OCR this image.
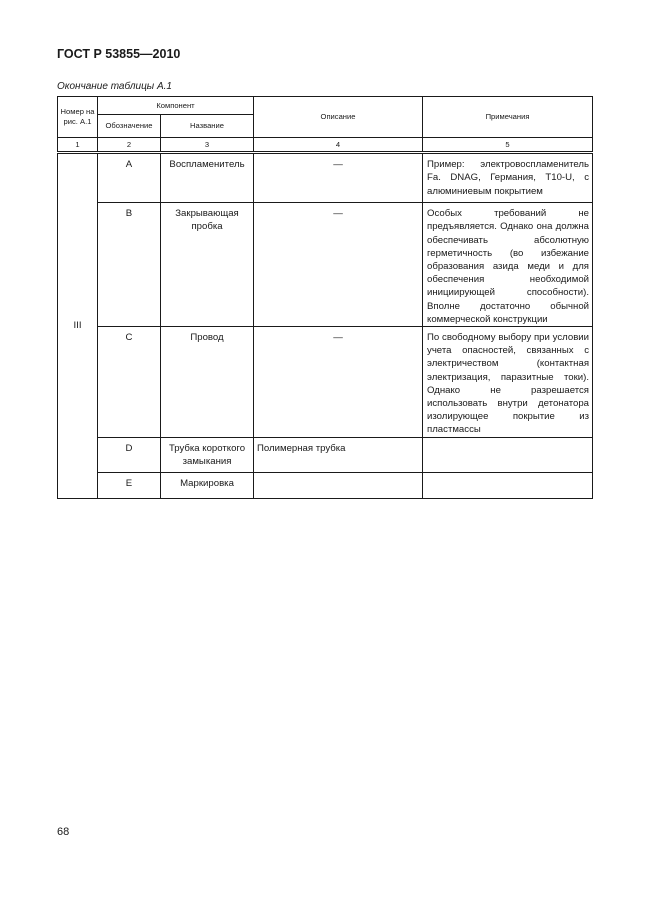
ГОСТ Р 53855—2010
Окончание таблицы А.1
Номер на рис. А.1	Компонент		Описание	Примечания
	Обозначение	Название		
1	2	3	4	5
III	A	Воспламенитель	—	Пример: электровоспламенитель Fa. DNAG, Германия, T10-U, с алюминиевым покрытием
	B	Закрывающая пробка	—	Особых требований не предъявляется. Однако она должна обеспечивать абсолютную герметичность (во избежание образования азида меди и для обеспечения необходимой инициирующей способности). Вполне достаточно обычной коммерческой конструкции
	C	Провод	—	По свободному выбору при условии учета опасностей, связанных с электричеством (контактная электризация, паразитные токи). Однако не разрешается использовать внутри детонатора изолирующее покрытие из пластмассы
	D	Трубка короткого замыкания	Полимерная трубка	
	E	Маркировка		
68
